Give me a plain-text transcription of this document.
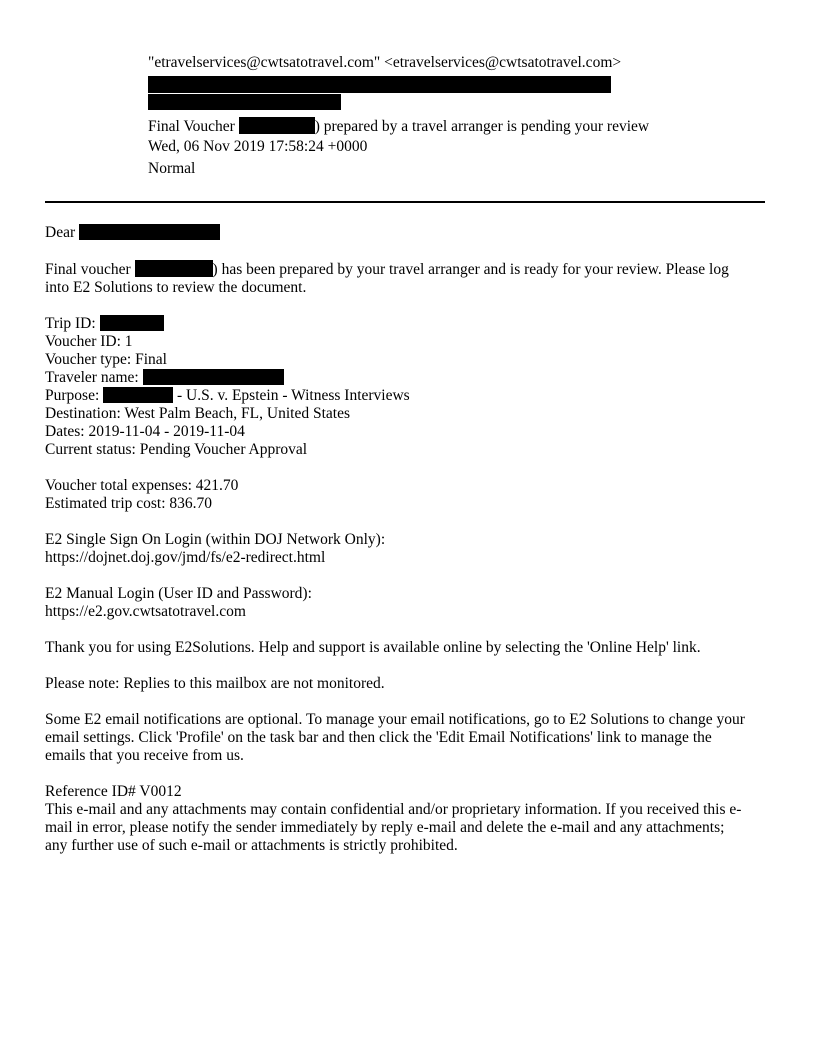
"etravelservices@cwtsatotravel.com" <etravelservices@cwtsatotravel.com>
Final Voucher	) prepared by a travel arranger is pending your review
Wed, 06 Nov 2019 17:58:24 +0000
Normal
Dear
Final voucher	) has been prepared by your travel arranger and is ready for your review. Please log
into E2 Solutions to review the document.
Trip ID:
Voucher ID: 1
Voucher type: Final
Traveler name:
Purpose:	- U.S. v. Epstein - Witness Interviews
Destination: West Palm Beach, FL, United States
Dates: 2019-11-04 - 2019-11-04
Current status: Pending Voucher Approval
Voucher total expenses: 421.70
Estimated trip cost: 836.70
E2 Single Sign On Login (within DOJ Network Only):
https://dojnet.doj.gov/jmd/fs/e2-redirect.html
E2 Manual Login (User ID and Password):
https://e2.gov.cwtsatotravel.com
Thank you for using E2Solutions. Help and support is available online by selecting the 'Online Help' link.
Please note: Replies to this mailbox are not monitored.
Some E2 email notifications are optional. To manage your email notifications, go to E2 Solutions to change your
email settings. Click 'Profile' on the task bar and then click the 'Edit Email Notifications' link to manage the
emails that you receive from us.
Reference ID# V0012
This e-mail and any attachments may contain confidential and/or proprietary information. If you received this e-
mail in error, please notify the sender immediately by reply e-mail and delete the e-mail and any attachments;
any further use of such e-mail or attachments is strictly prohibited.
